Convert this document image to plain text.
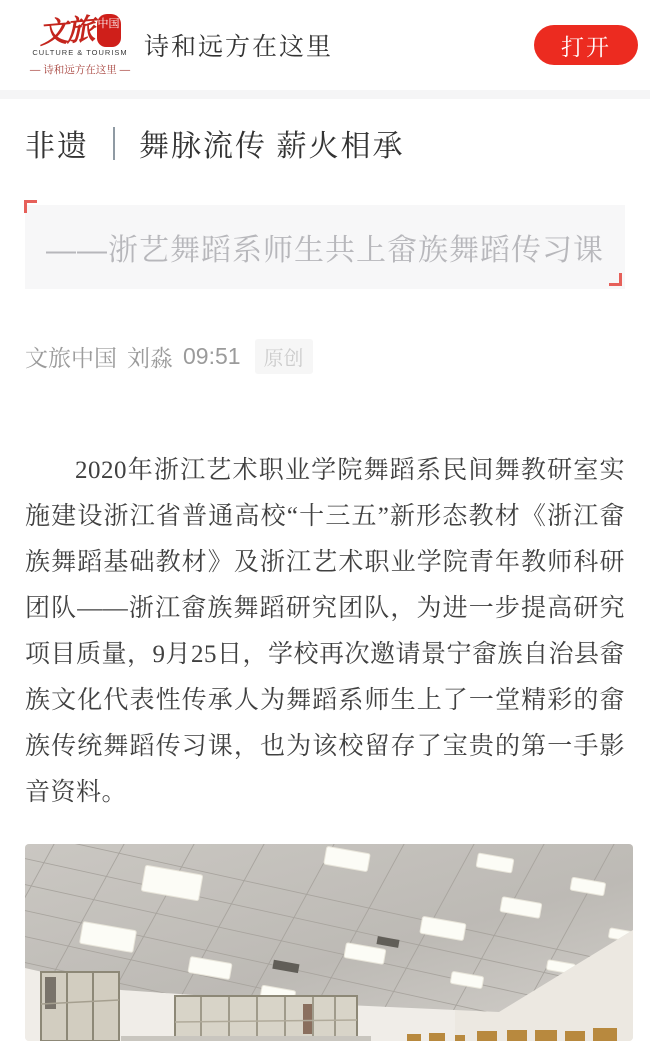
文旅 中国
CULTURE & TOURISM
— 诗和远方在这里 —
诗和远方在这里	打开
非遗 舞脉流传 薪火相承
——浙艺舞蹈系师生共上畲族舞蹈传习课
文旅中国 刘淼 09:51	原创

2020年浙江艺术职业学院舞蹈系民间舞教研室实施建设浙江省普通高校“十三五”新形态教材《浙江畲族舞蹈基础教材》及浙江艺术职业学院青年教师科研团队——浙江畲族舞蹈研究团队，为进一步提高研究项目质量，9月25日，学校再次邀请景宁畲族自治县畲族文化代表性传承人为舞蹈系师生上了一堂精彩的畲族传统舞蹈传习课，也为该校留存了宝贵的第一手影音资料。
